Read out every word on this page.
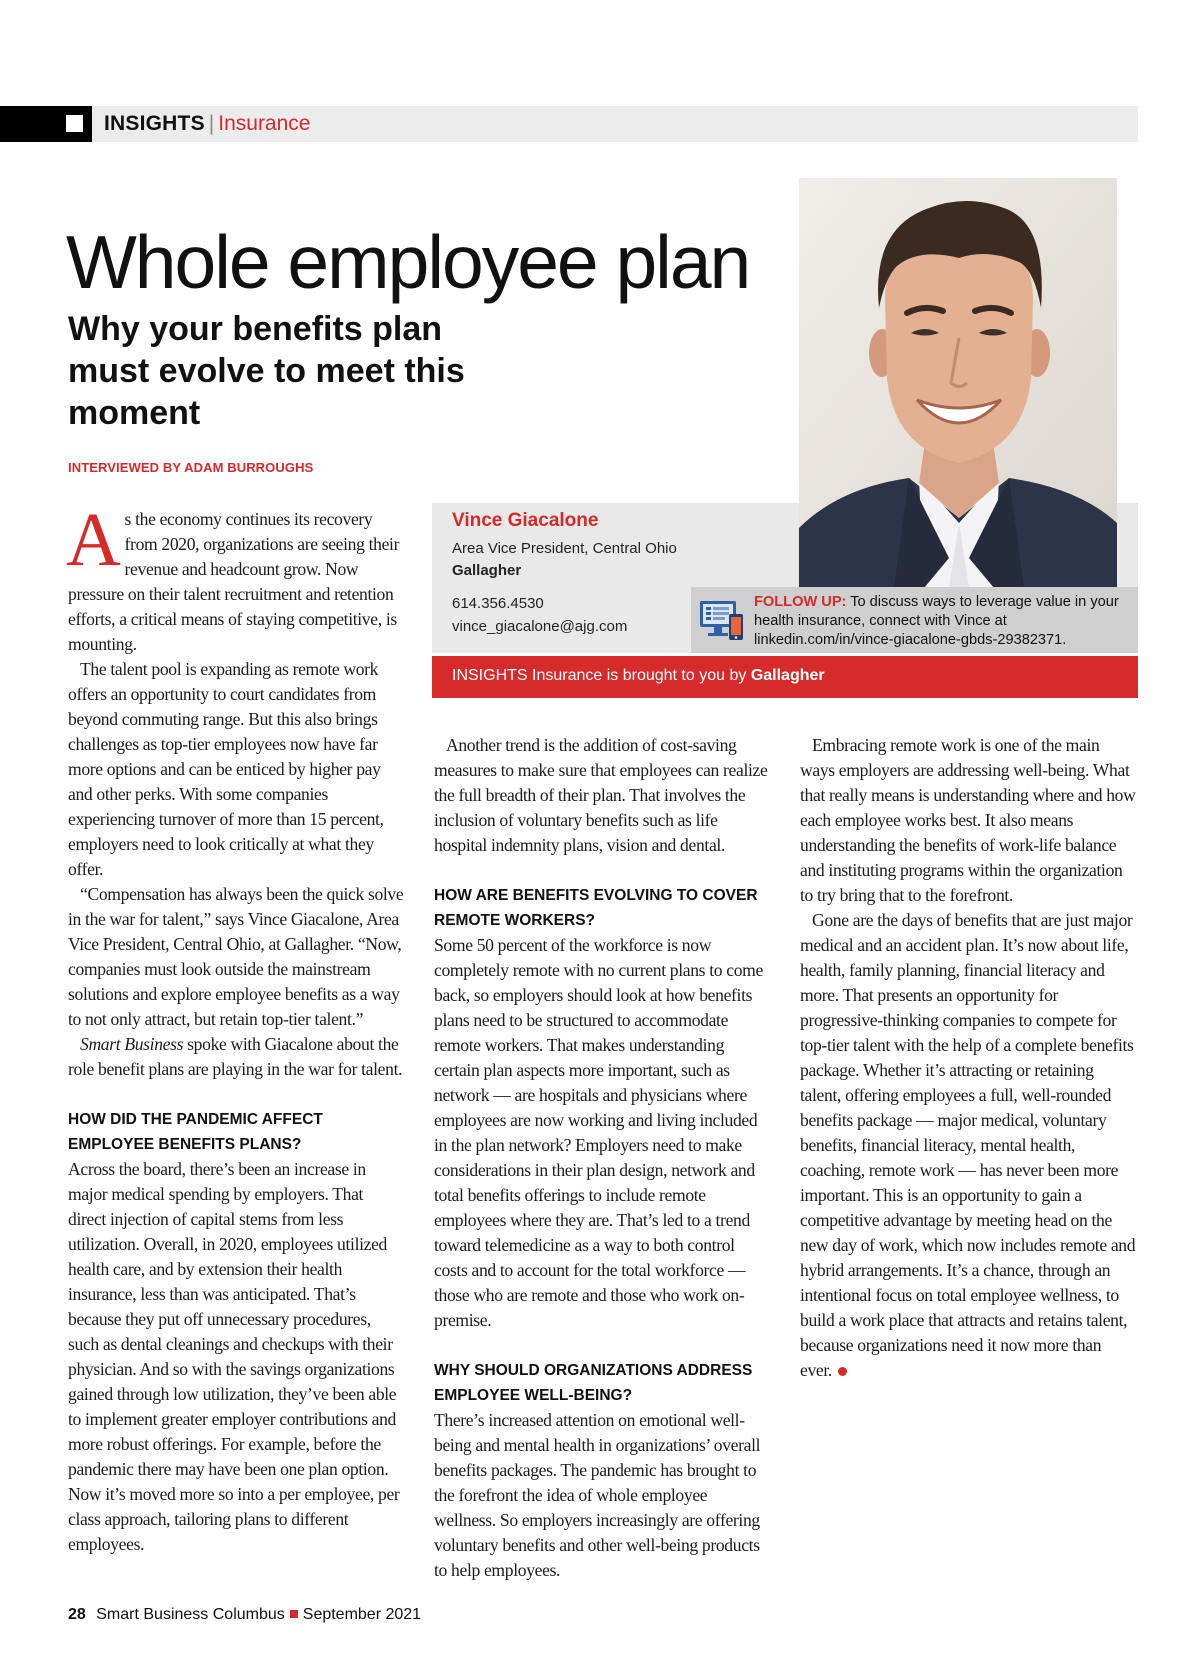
INSIGHTS | Insurance
Whole employee plan
Why your benefits plan must evolve to meet this moment
INTERVIEWED BY ADAM BURROUGHS
Vince Giacalone
Area Vice President, Central Ohio
Gallagher
614.356.4530
vince_giacalone@ajg.com
FOLLOW UP: To discuss ways to leverage value in your health insurance, connect with Vince at linkedin.com/in/vince-giacalone-gbds-29382371.
INSIGHTS Insurance is brought to you by Gallagher

As the economy continues its recovery from 2020, organizations are seeing their revenue and headcount grow. Now pressure on their talent recruitment and retention efforts, a critical means of staying competitive, is mounting.

The talent pool is expanding as remote work offers an opportunity to court candidates from beyond commuting range. But this also brings challenges as top-tier employees now have far more options and can be enticed by higher pay and other perks. With some companies experiencing turnover of more than 15 percent, employers need to look critically at what they offer.

“Compensation has always been the quick solve in the war for talent,” says Vince Giacalone, Area Vice President, Central Ohio, at Gallagher. “Now, companies must look outside the mainstream solutions and explore employee benefits as a way to not only attract, but retain top-tier talent.”

Smart Business spoke with Giacalone about the role benefit plans are playing in the war for talent.

HOW DID THE PANDEMIC AFFECT EMPLOYEE BENEFITS PLANS?

Across the board, there’s been an increase in major medical spending by employers. That direct injection of capital stems from less utilization. Overall, in 2020, employees utilized health care, and by extension their health insurance, less than was anticipated. That’s because they put off unnecessary procedures, such as dental cleanings and checkups with their physician. And so with the savings organizations gained through low utilization, they’ve been able to implement greater employer contributions and more robust offerings. For example, before the pandemic there may have been one plan option. Now it’s moved more so into a per employee, per class approach, tailoring plans to different employees.

Another trend is the addition of cost-saving measures to make sure that employees can realize the full breadth of their plan. That involves the inclusion of voluntary benefits such as life hospital indemnity plans, vision and dental.

HOW ARE BENEFITS EVOLVING TO COVER REMOTE WORKERS?

Some 50 percent of the workforce is now completely remote with no current plans to come back, so employers should look at how benefits plans need to be structured to accommodate remote workers. That makes understanding certain plan aspects more important, such as network — are hospitals and physicians where employees are now working and living included in the plan network? Employers need to make considerations in their plan design, network and total benefits offerings to include remote employees where they are. That’s led to a trend toward telemedicine as a way to both control costs and to account for the total workforce — those who are remote and those who work on-premise.

WHY SHOULD ORGANIZATIONS ADDRESS EMPLOYEE WELL-BEING?

There’s increased attention on emotional well-being and mental health in organizations’ overall benefits packages. The pandemic has brought to the forefront the idea of whole employee wellness. So employers increasingly are offering voluntary benefits and other well-being products to help employees.

Embracing remote work is one of the main ways employers are addressing well-being. What that really means is understanding where and how each employee works best. It also means understanding the benefits of work-life balance and instituting programs within the organization to try bring that to the forefront.

Gone are the days of benefits that are just major medical and an accident plan. It’s now about life, health, family planning, financial literacy and more. That presents an opportunity for progressive-thinking companies to compete for top-tier talent with the help of a complete benefits package. Whether it’s attracting or retaining talent, offering employees a full, well-rounded benefits package — major medical, voluntary benefits, financial literacy, mental health, coaching, remote work — has never been more important. This is an opportunity to gain a competitive advantage by meeting head on the new day of work, which now includes remote and hybrid arrangements. It’s a chance, through an intentional focus on total employee wellness, to build a work place that attracts and retains talent, because organizations need it now more than ever.

28 Smart Business Columbus September 2021
